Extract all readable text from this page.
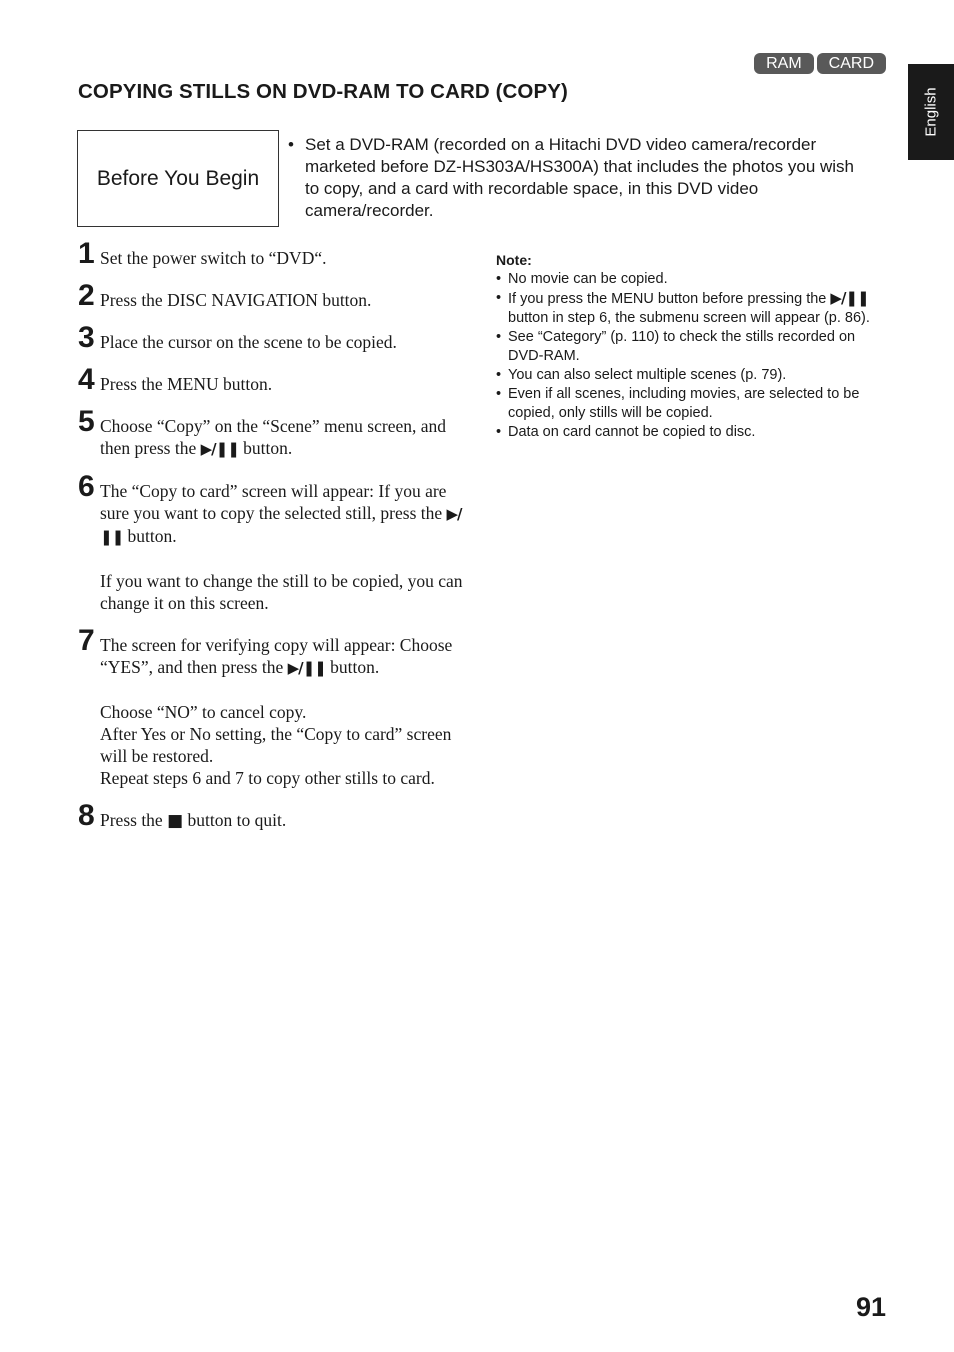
RAM	CARD
English
COPYING STILLS ON DVD-RAM TO CARD (COPY)
Before You Begin
• Set a DVD-RAM (recorded on a Hitachi DVD video camera/recorder marketed before DZ-HS303A/HS300A) that includes the photos you wish to copy, and a card with recordable space, in this DVD video camera/recorder.
1 Set the power switch to “DVD“.

2 Press the DISC NAVIGATION button.

3 Place the cursor on the scene to be copied.

4 Press the MENU button.

5 Choose “Copy” on the “Scene” menu screen, and then press the ▶/❚❚ button.

6 The “Copy to card” screen will appear: If you are sure you want to copy the selected still, press the ▶/❚❚ button.

If you want to change the still to be copied, you can change it on this screen.

7 The screen for verifying copy will appear: Choose “YES”, and then press the ▶/❚❚ button.

Choose “NO” to cancel copy.

After Yes or No setting, the “Copy to card” screen will be restored.

Repeat steps 6 and 7 to copy other stills to card.

8 Press the ■ button to quit.

Note:
• No movie can be copied.
• If you press the MENU button before pressing the ▶/❚❚ button in step 6, the submenu screen will appear (p. 86).
• See “Category” (p. 110) to check the stills recorded on DVD-RAM.
• You can also select multiple scenes (p. 79).
• Even if all scenes, including movies, are selected to be copied, only stills will be copied.
• Data on card cannot be copied to disc.
91
